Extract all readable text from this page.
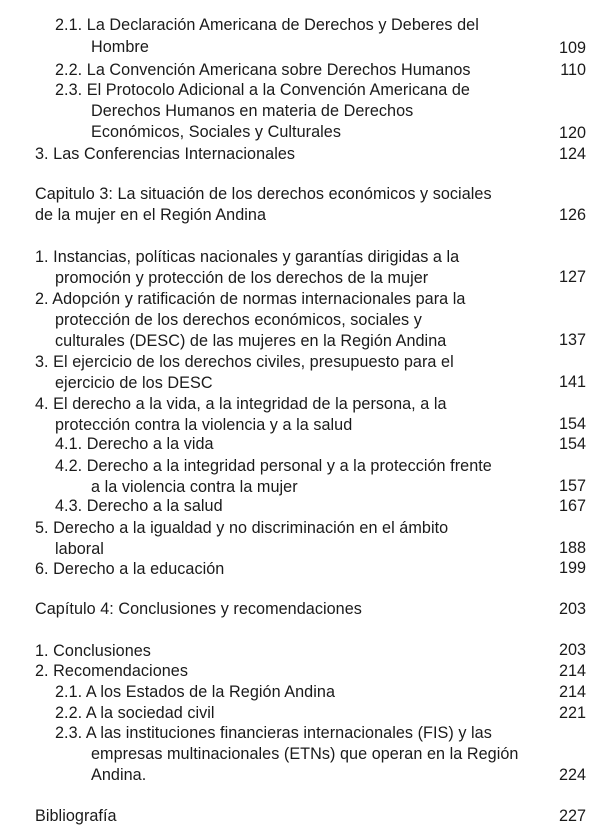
2.1. La Declaración Americana de Derechos y Deberes del
Hombre	109
2.2. La Convención Americana sobre Derechos Humanos	110
2.3. El Protocolo Adicional a la Convención Americana de
Derechos Humanos en materia de Derechos
Económicos, Sociales y Culturales	120
3. Las Conferencias Internacionales	124
Capitulo 3: La situación de los derechos económicos y sociales
de la mujer en el Región Andina	126
1. Instancias, políticas nacionales y garantías dirigidas a la
promoción y protección de los derechos de la mujer	127
2. Adopción y ratificación de normas internacionales para la
protección de los derechos económicos, sociales y
culturales (DESC) de las mujeres en la Región Andina	137
3. El ejercicio de los derechos civiles, presupuesto para el
ejercicio de los DESC	141
4. El derecho a la vida, a la integridad de la persona, a la
protección contra la violencia y a la salud	154
4.1. Derecho a la vida	154
4.2. Derecho a la integridad personal y a la protección frente
a la violencia contra la mujer	157
4.3. Derecho a la salud	167
5. Derecho a la igualdad y no discriminación en el ámbito
laboral	188
6. Derecho a la educación	199
Capítulo 4: Conclusiones y recomendaciones	203
1. Conclusiones	203
2. Recomendaciones	214
2.1. A los Estados de la Región Andina	214
2.2. A la sociedad civil	221
2.3. A las instituciones financieras internacionales (FIS) y las
empresas multinacionales (ETNs) que operan en la Región
Andina.	224
Bibliografía	227
